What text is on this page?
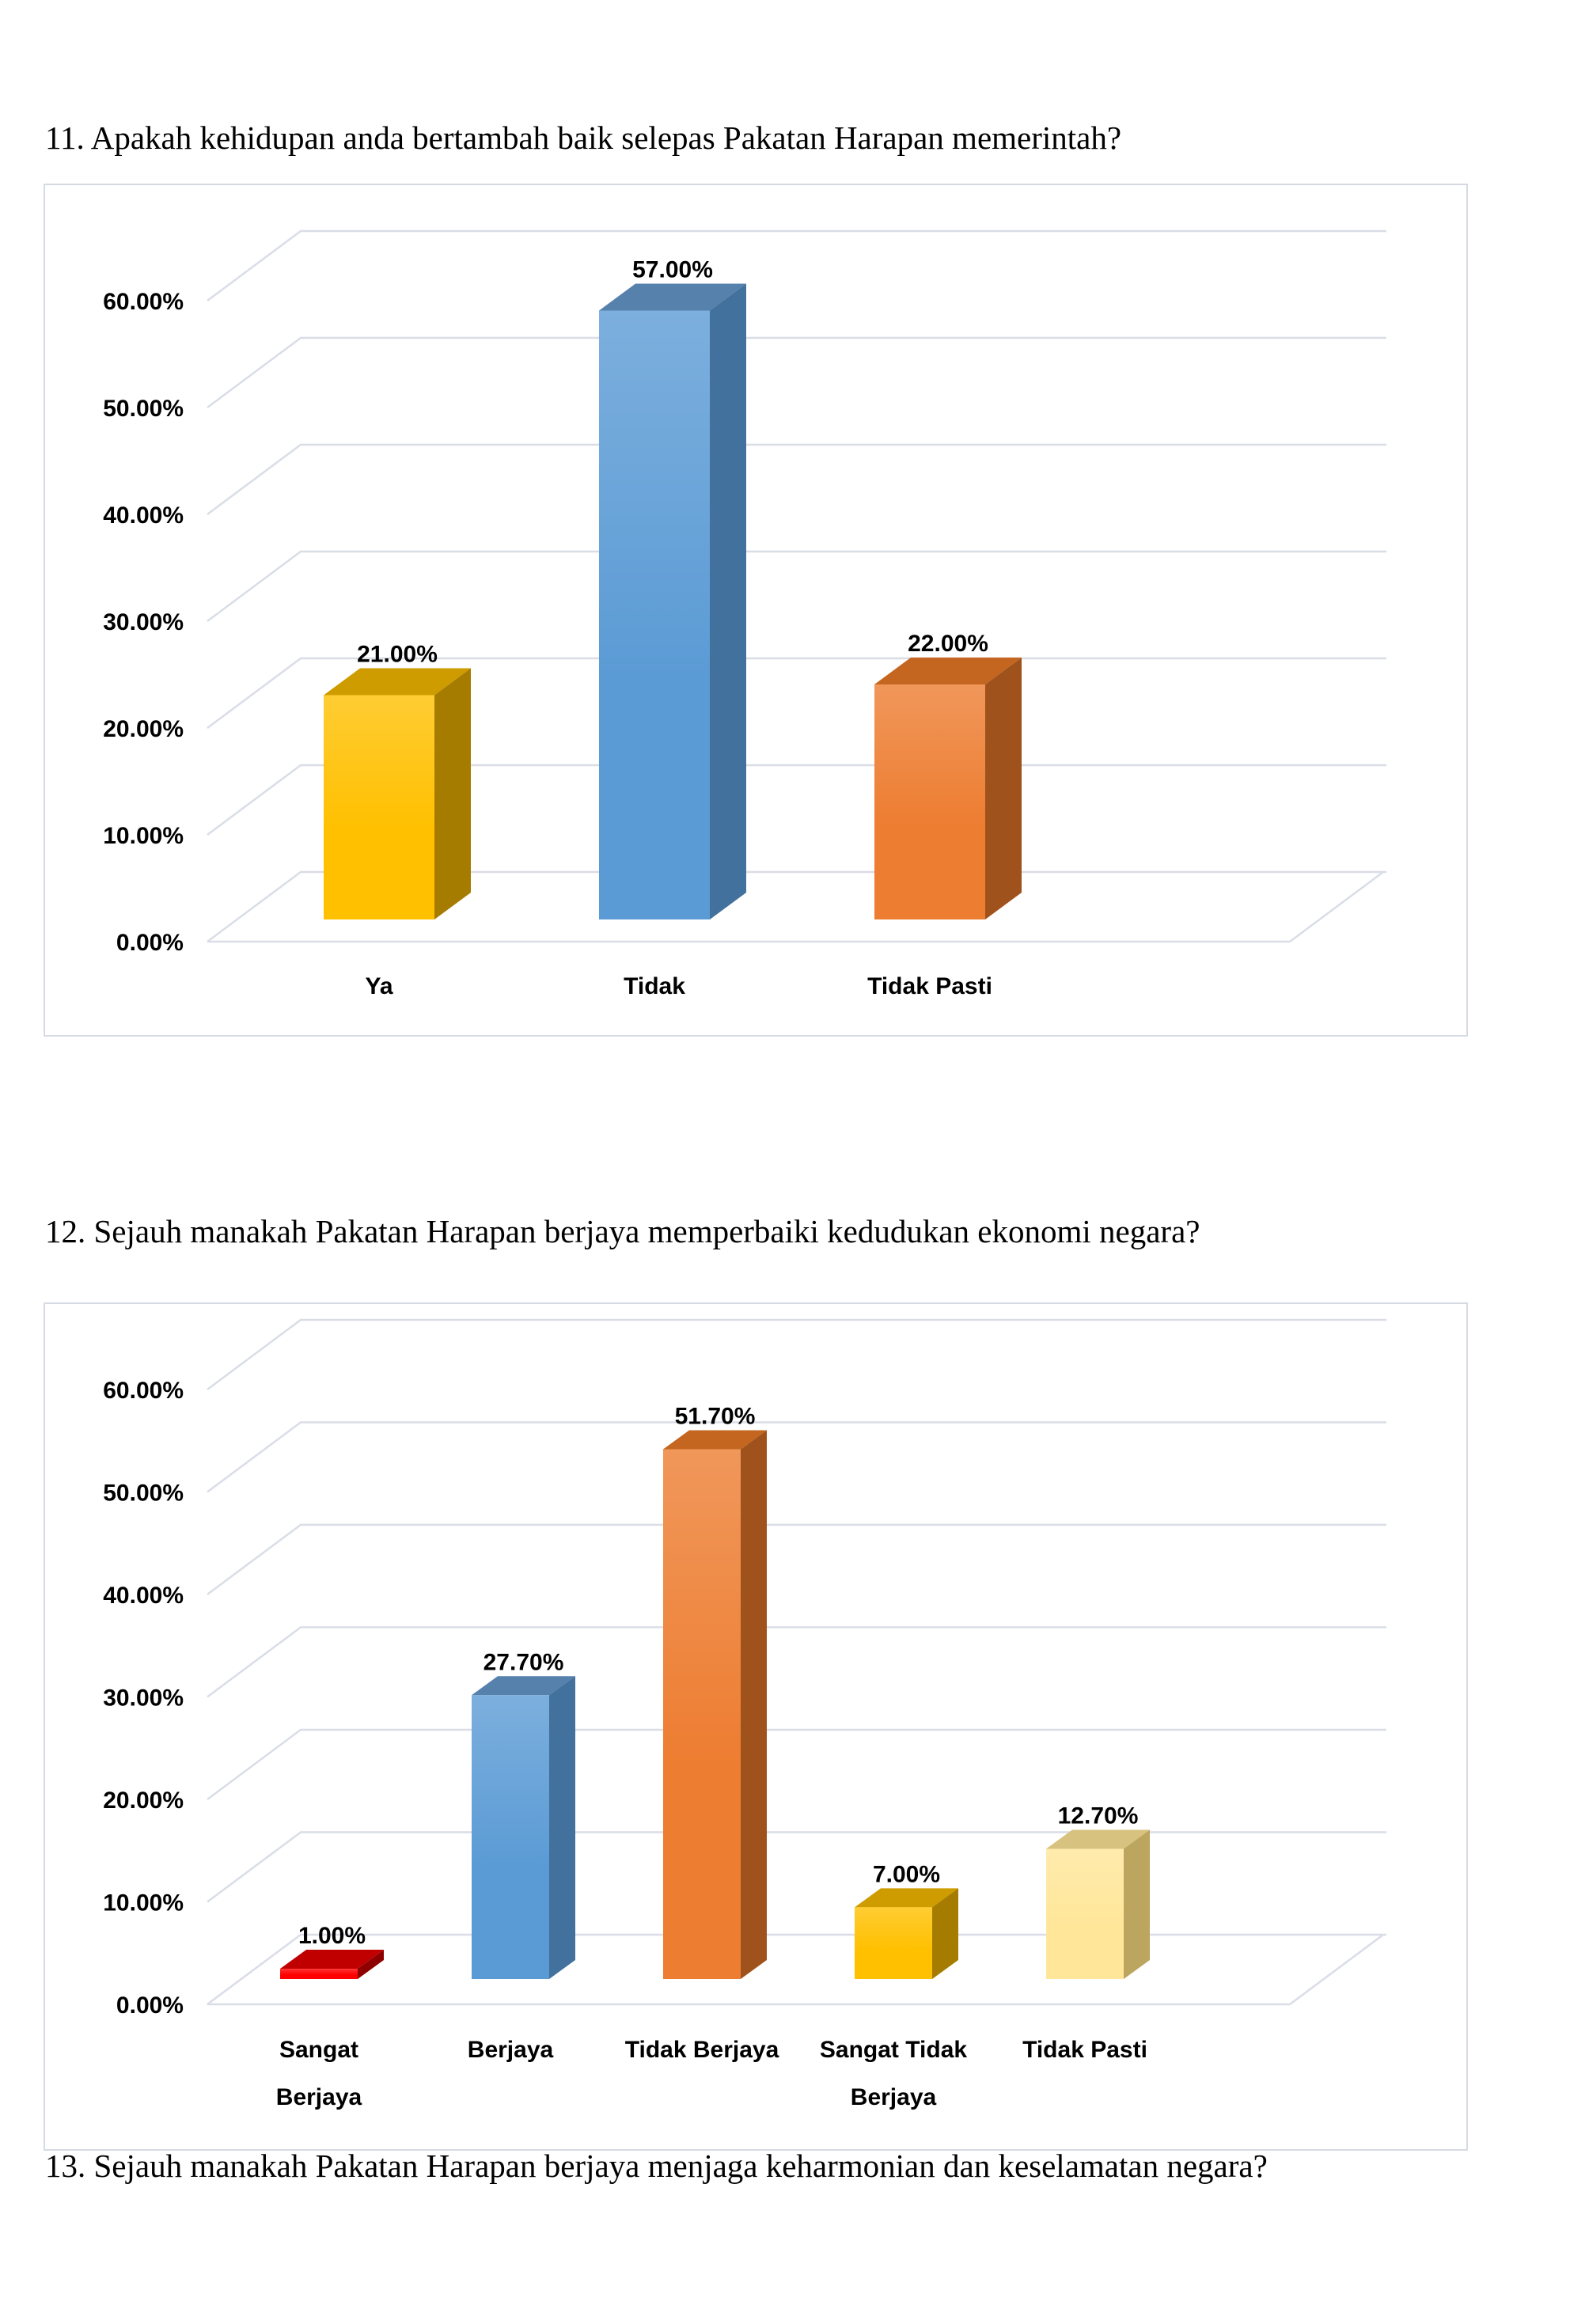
11. Apakah kehidupan anda bertambah baik selepas Pakatan Harapan memerintah?
0.00%
10.00%
20.00%
30.00%
40.00%
50.00%
60.00%
21.00%
Ya
57.00%
Tidak
22.00%
Tidak Pasti
12. Sejauh manakah Pakatan Harapan berjaya memperbaiki kedudukan ekonomi negara?
0.00%
10.00%
20.00%
30.00%
40.00%
50.00%
60.00%
1.00%
Sangat
Berjaya
27.70%
Berjaya
51.70%
Tidak Berjaya
7.00%
Sangat Tidak
Berjaya
12.70%
Tidak Pasti
13. Sejauh manakah Pakatan Harapan berjaya menjaga keharmonian dan keselamatan negara?
